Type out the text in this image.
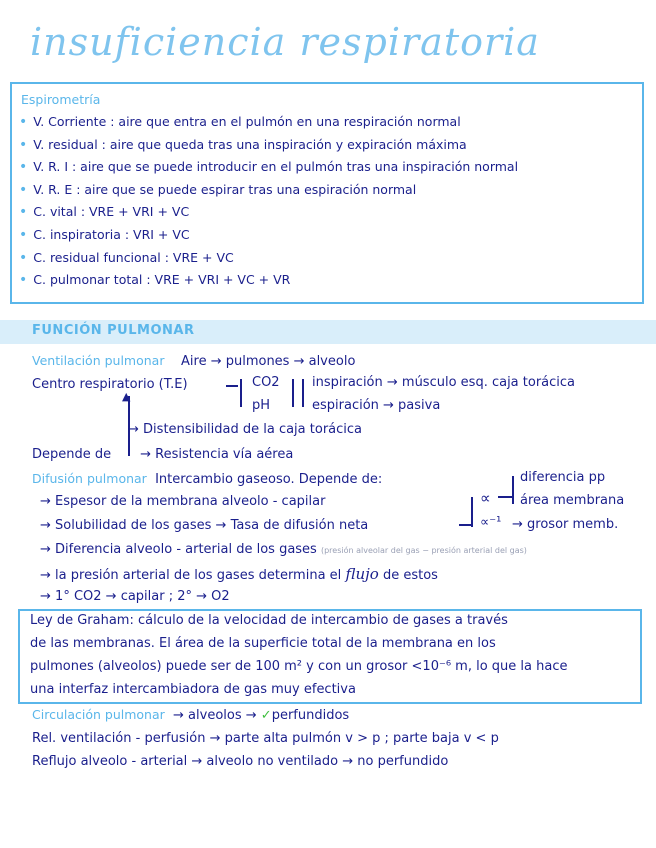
insuficiencia respiratoria
Espirometría
• V. Corriente : aire que entra en el pulmón en una respiración normal
• V. residual : aire que queda tras una inspiración y expiración máxima
• V. R. I : aire que se puede introducir en el pulmón tras una inspiración normal
• V. R. E : aire que se puede espirar tras una espiración normal
• C. vital : VRE + VRI + VC
• C. inspiratoria : VRI + VC
• C. residual funcional : VRE + VC
• C. pulmonar total : VRE + VRI + VC + VR
FUNCIÓN PULMONAR
Ventilación pulmonar Aire → pulmones → alveolo
Centro respiratorio (T.E)	CO2
pH
inspiración → músculo esq. caja torácica
espiración → pasiva
▲
→ Distensibilidad de la caja torácica
Depende de → Resistencia vía aérea
Difusión pulmonar Intercambio gaseoso. Depende de:
→ Espesor de la membrana alveolo - capilar
→ Solubilidad de los gases → Tasa de difusión neta
∝
∝⁻¹
diferencia pp
área membrana
→ grosor memb.
→ Diferencia alveolo - arterial de los gases (presión alveolar del gas − presión arterial del gas)
→ la presión arterial de los gases determina el flujo de estos
→ 1° CO2 → capilar ; 2° → O2
Ley de Graham: cálculo de la velocidad de intercambio de gases a través
de las membranas. El área de la superficie total de la membrana en los
pulmones (alveolos) puede ser de 100 m² y con un grosor <10⁻⁶ m, lo que la hace
una interfaz intercambiadora de gas muy efectiva
Circulación pulmonar → alveolos → ✓perfundidos
Rel. ventilación - perfusión → parte alta pulmón v > p ; parte baja v < p
Reflujo alveolo - arterial → alveolo no ventilado → no perfundido
